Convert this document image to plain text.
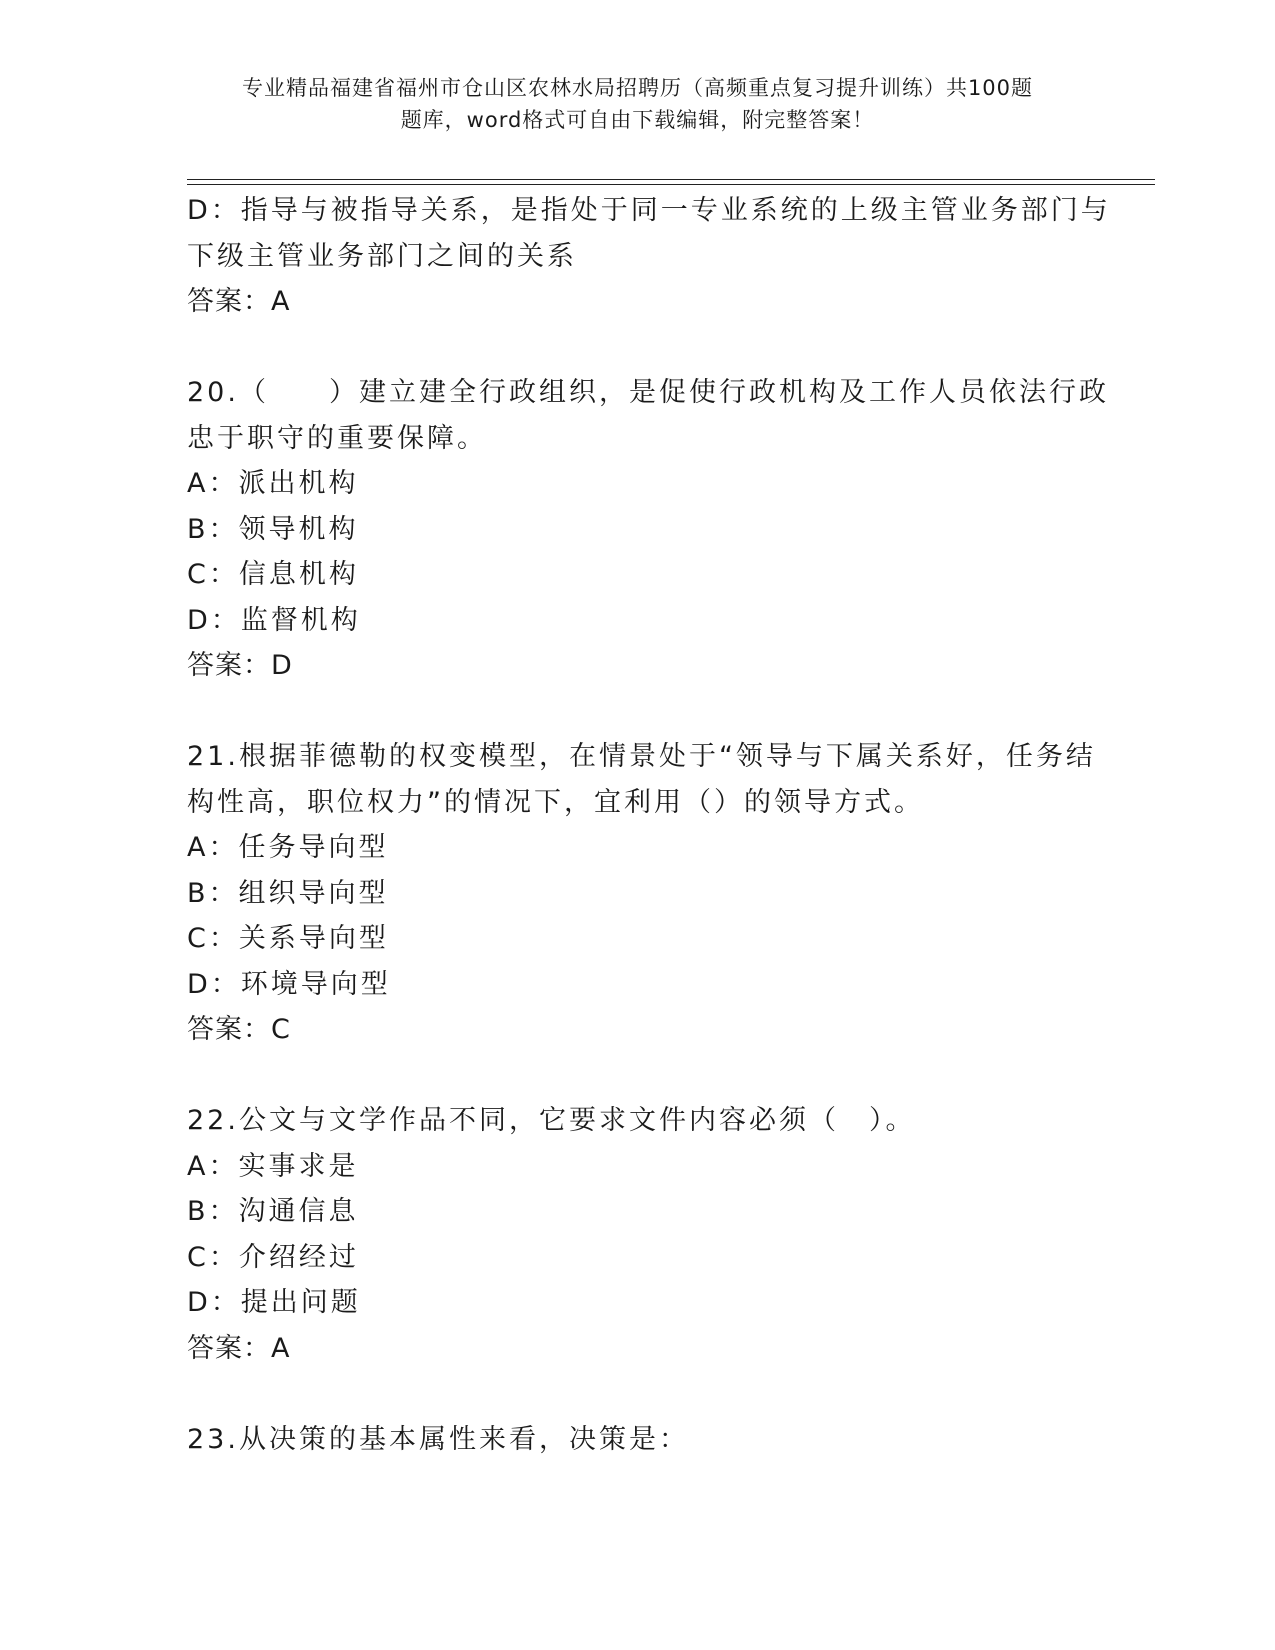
专业精品福建省福州市仓山区农林水局招聘历（高频重点复习提升训练）共100题
题库，word格式可自由下载编辑，附完整答案！
D：指导与被指导关系，是指处于同一专业系统的上级主管业务部门与
下级主管业务部门之间的关系
答案：A
20.（　　）建立建全行政组织，是促使行政机构及工作人员依法行政
忠于职守的重要保障。
A：派出机构
B：领导机构
C：信息机构
D：监督机构
答案：D
21.根据菲德勒的权变模型，在情景处于“领导与下属关系好，任务结
构性高，职位权力”的情况下，宜利用（）的领导方式。
A：任务导向型
B：组织导向型
C：关系导向型
D：环境导向型
答案：C
22.公文与文学作品不同，它要求文件内容必须（　）。
A：实事求是
B：沟通信息
C：介绍经过
D：提出问题
答案：A
23.从决策的基本属性来看，决策是：
